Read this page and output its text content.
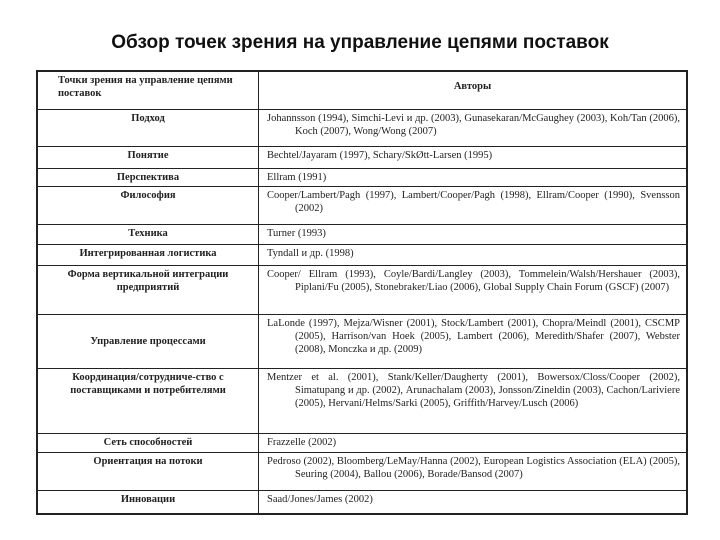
Обзор точек зрения на управление цепями поставок
Точки зрения на управление цепями поставок	Авторы
Подход	Johannsson (1994), Simchi-Levi и др. (2003), Gunasekaran/McGaughey (2003), Koh/Tan (2006), Koch (2007), Wong/Wong (2007)
Понятие	Bechtel/Jayaram (1997), Schary/SkØtt-Larsen (1995)
Перспектива	Ellram (1991)
Философия	Cooper/Lambert/Pagh (1997), Lambert/Cooper/Pagh (1998), Ellram/Cooper (1990), Svensson (2002)
Техника	Turner (1993)
Интегрированная логистика	Tyndall и др. (1998)
Форма вертикальной интеграции предприятий	Cooper/ Ellram (1993), Coyle/Bardi/Langley (2003), Tommelein/Walsh/Hershauer (2003), Piplani/Fu (2005), Stonebraker/Liao (2006), Global Supply Chain Forum (GSCF) (2007)
Управление процессами	LaLonde (1997), Mejza/Wisner (2001), Stock/Lambert (2001), Chopra/Meindl (2001), CSCMP (2005), Harrison/van Hoek (2005), Lambert (2006), Meredith/Shafer (2007), Webster (2008), Monczka и др. (2009)
Координация/сотрудниче-ство с поставщиками и потребителями	Mentzer et al. (2001), Stank/Keller/Daugherty (2001), Bowersox/Closs/Cooper (2002), Simatupang и др. (2002), Arunachalam (2003), Jonsson/Zineldin (2003), Cachon/Lariviere (2005), Hervani/Helms/Sarki (2005), Griffith/Harvey/Lusch (2006)
Сеть способностей	Frazzelle (2002)
Ориентация на потоки	Pedroso (2002), Bloomberg/LeMay/Hanna (2002), European Logistics Association (ELA) (2005), Seuring (2004), Ballou (2006), Borade/Bansod (2007)
Инновации	Saad/Jones/James (2002)
